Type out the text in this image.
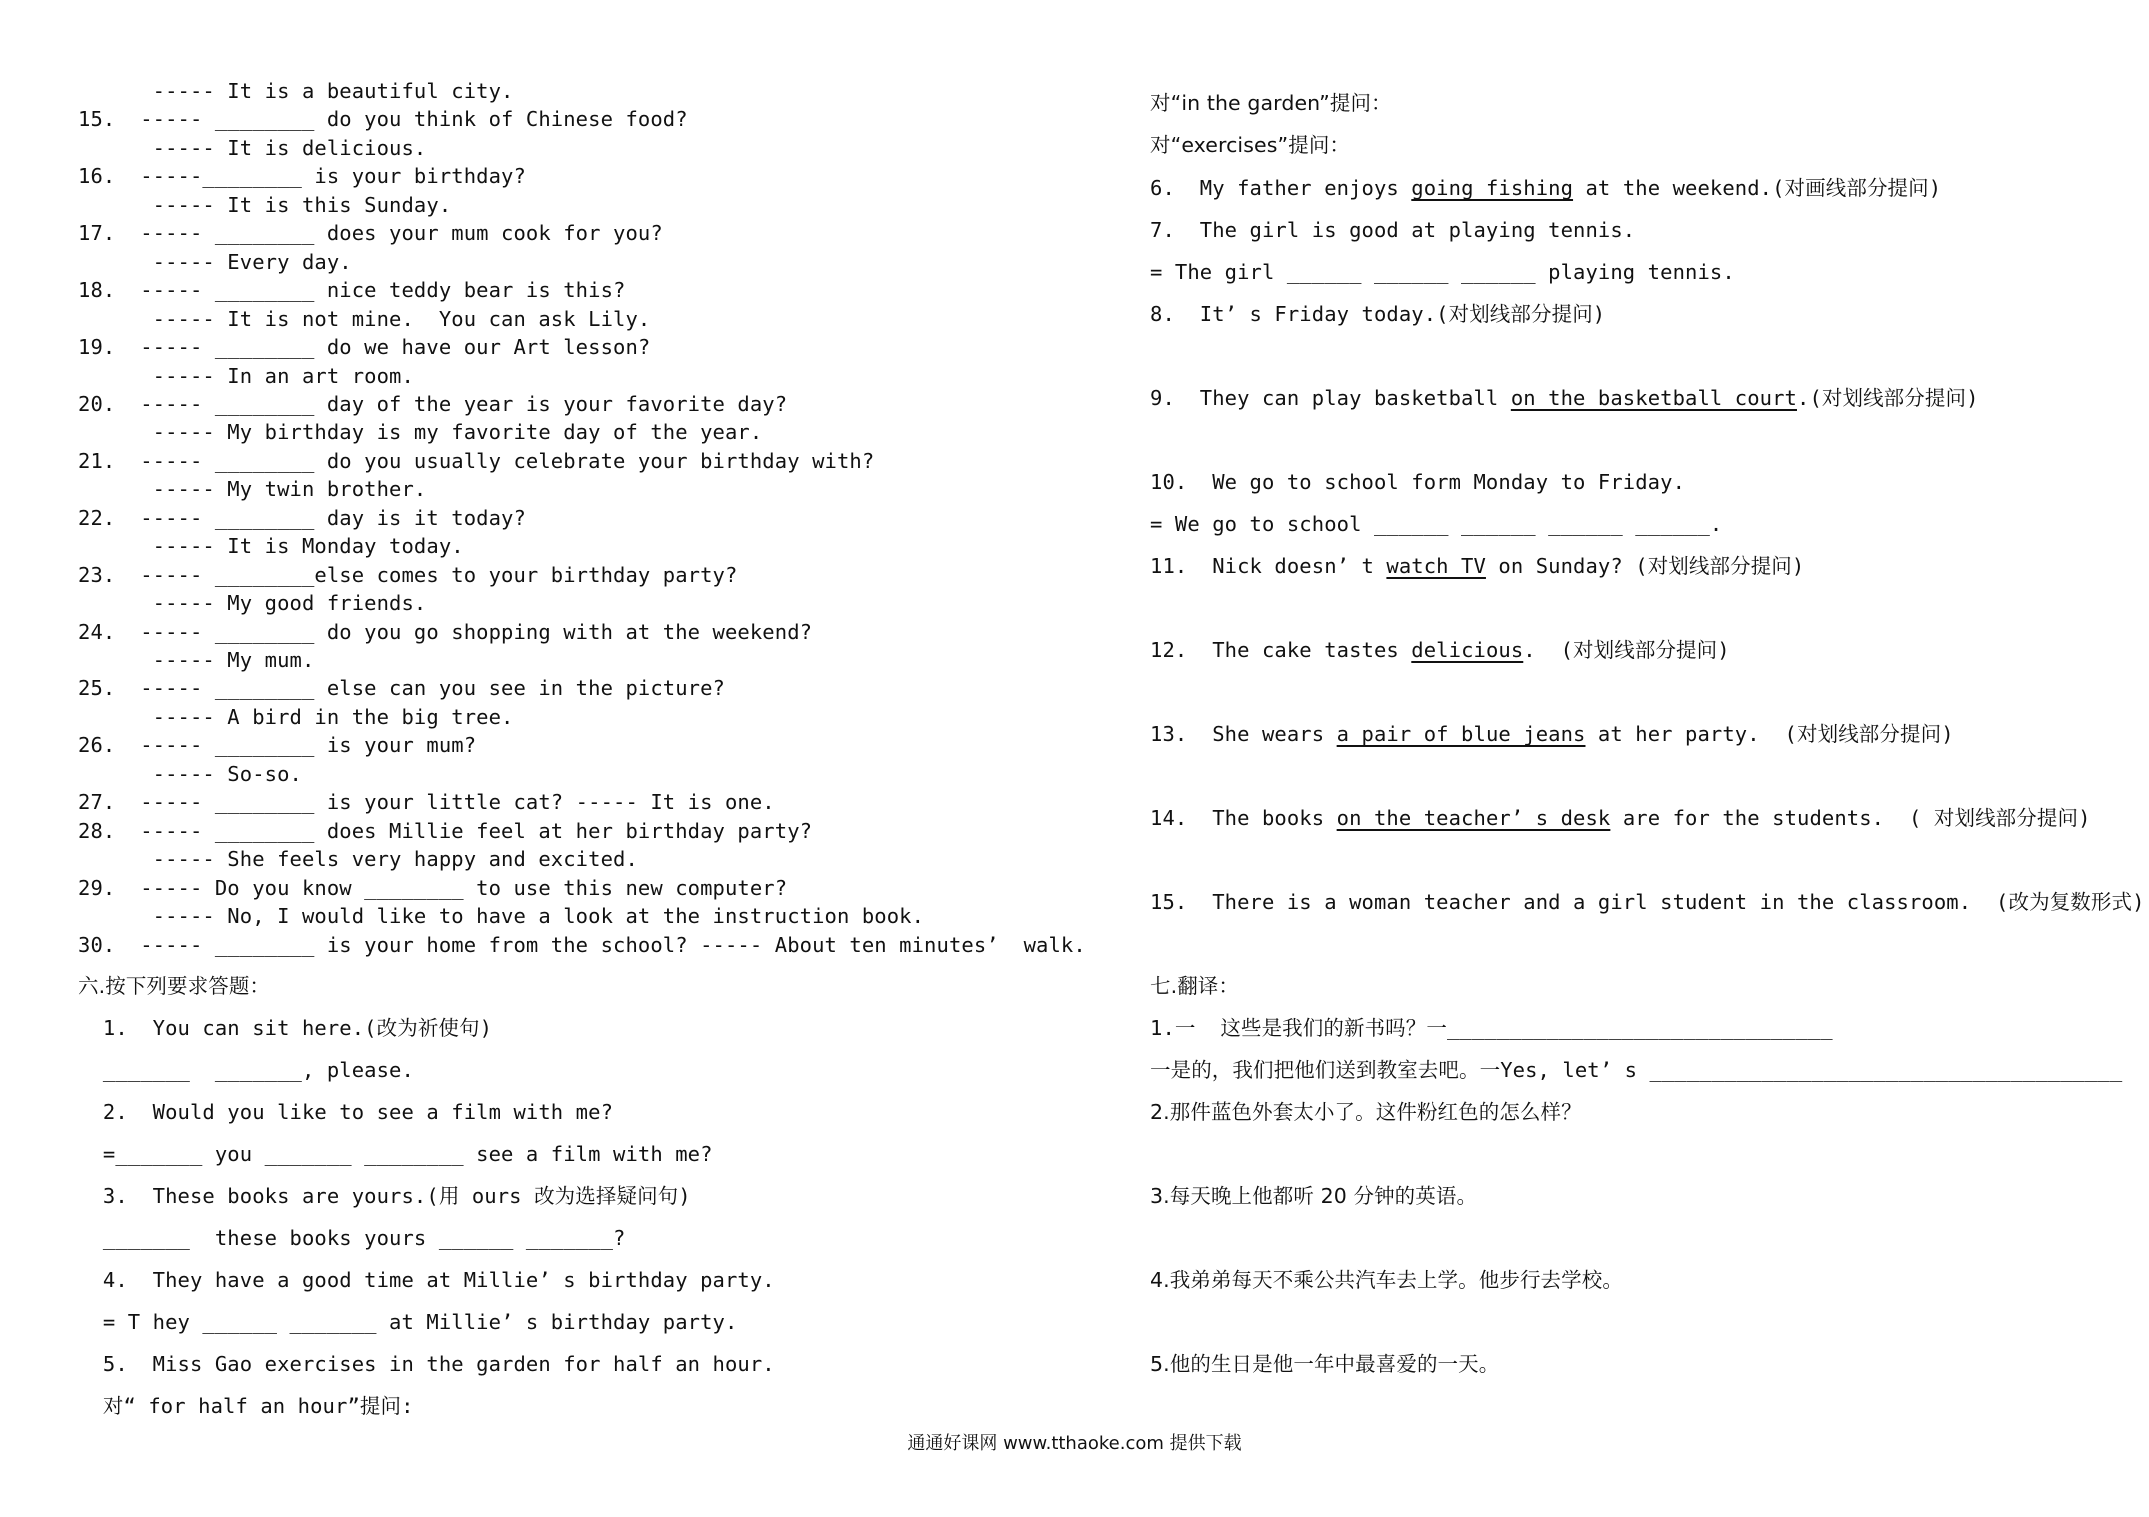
----- It is a beautiful city.
15.  ----- ________ do you think of Chinese food?
----- It is delicious.
16.  -----________ is your birthday?
----- It is this Sunday.
17.  ----- ________ does your mum cook for you?
----- Every day.
18.  ----- ________ nice teddy bear is this?
----- It is not mine.  You can ask Lily.
19.  ----- ________ do we have our Art lesson?
----- In an art room.
20.  ----- ________ day of the year is your favorite day?
----- My birthday is my favorite day of the year.
21.  ----- ________ do you usually celebrate your birthday with?
----- My twin brother.
22.  ----- ________ day is it today?
----- It is Monday today.
23.  ----- ________else comes to your birthday party?
----- My good friends.
24.  ----- ________ do you go shopping with at the weekend?
----- My mum.
25.  ----- ________ else can you see in the picture?
----- A bird in the big tree.
26.  ----- ________ is your mum?
----- So-so.
27.  ----- ________ is your little cat? ----- It is one.
28.  ----- ________ does Millie feel at her birthday party?
----- She feels very happy and excited.
29.  ----- Do you know ________ to use this new computer?
----- No, I would like to have a look at the instruction book.
30.  ----- ________ is your home from the school? ----- About ten minutes’  walk.
六.按下列要求答题：
1.  You can sit here.(改为祈使句)
_______  _______, please.
2.  Would you like to see a film with me?
=_______ you _______ ________ see a film with me?
3.  These books are yours.(用 ours 改为选择疑问句)
_______  these books yours ______ _______?
4.  They have a good time at Millie’ s birthday party.
= T hey ______ _______ at Millie’ s birthday party.
5.  Miss Gao exercises in the garden for half an hour.
对“ for half an hour”提问:
对“in the garden”提问：
对“exercises”提问：
6.  My father enjoys going fishing at the weekend.(对画线部分提问)
7.  The girl is good at playing tennis.
= The girl ______ ______ ______ playing tennis.
8.  It’ s Friday today.(对划线部分提问)
9.  They can play basketball on the basketball court.(对划线部分提问)
10.  We go to school form Monday to Friday.
= We go to school ______ ______ ______ ______.
11.  Nick doesn’ t watch TV on Sunday? (对划线部分提问)
12.  The cake tastes delicious.  (对划线部分提问)
13.  She wears a pair of blue jeans at her party.  (对划线部分提问)
14.  The books on the teacher’ s desk are for the students.  ( 对划线部分提问)
15.  There is a woman teacher and a girl student in the classroom.  (改为复数形式)
七.翻译：
1.一  这些是我们的新书吗？一_______________________________
一是的，我们把他们送到教室去吧。一Yes, let’ s ______________________________________
2.那件蓝色外套太小了。这件粉红色的怎么样？
3.每天晚上他都听 20 分钟的英语。
4.我弟弟每天不乘公共汽车去上学。他步行去学校。
5.他的生日是他一年中最喜爱的一天。
通通好课网 www.tthaoke.com 提供下载
